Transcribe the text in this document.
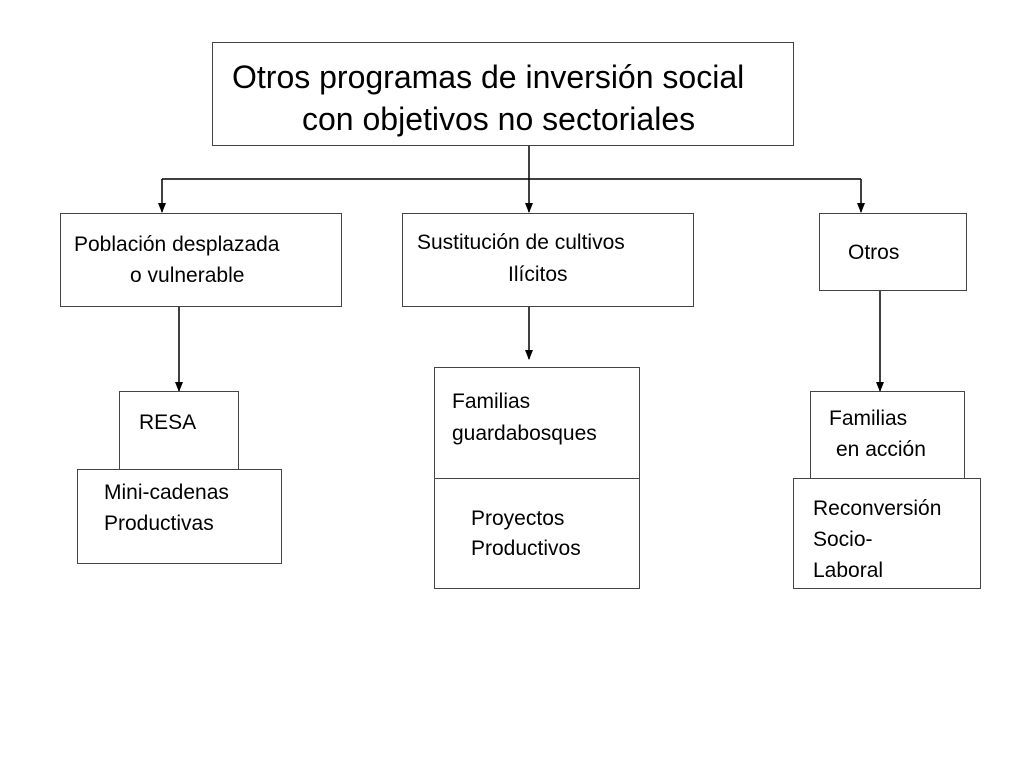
Otros programas de inversión social
con objetivos no sectoriales
Población desplazada
o vulnerable
Sustitución de cultivos
Ilícitos
Otros
RESA
Mini-cadenas
Productivas
Familias
guardabosques
Proyectos
Productivos
Familias
en acción
Reconversión
Socio-
Laboral
